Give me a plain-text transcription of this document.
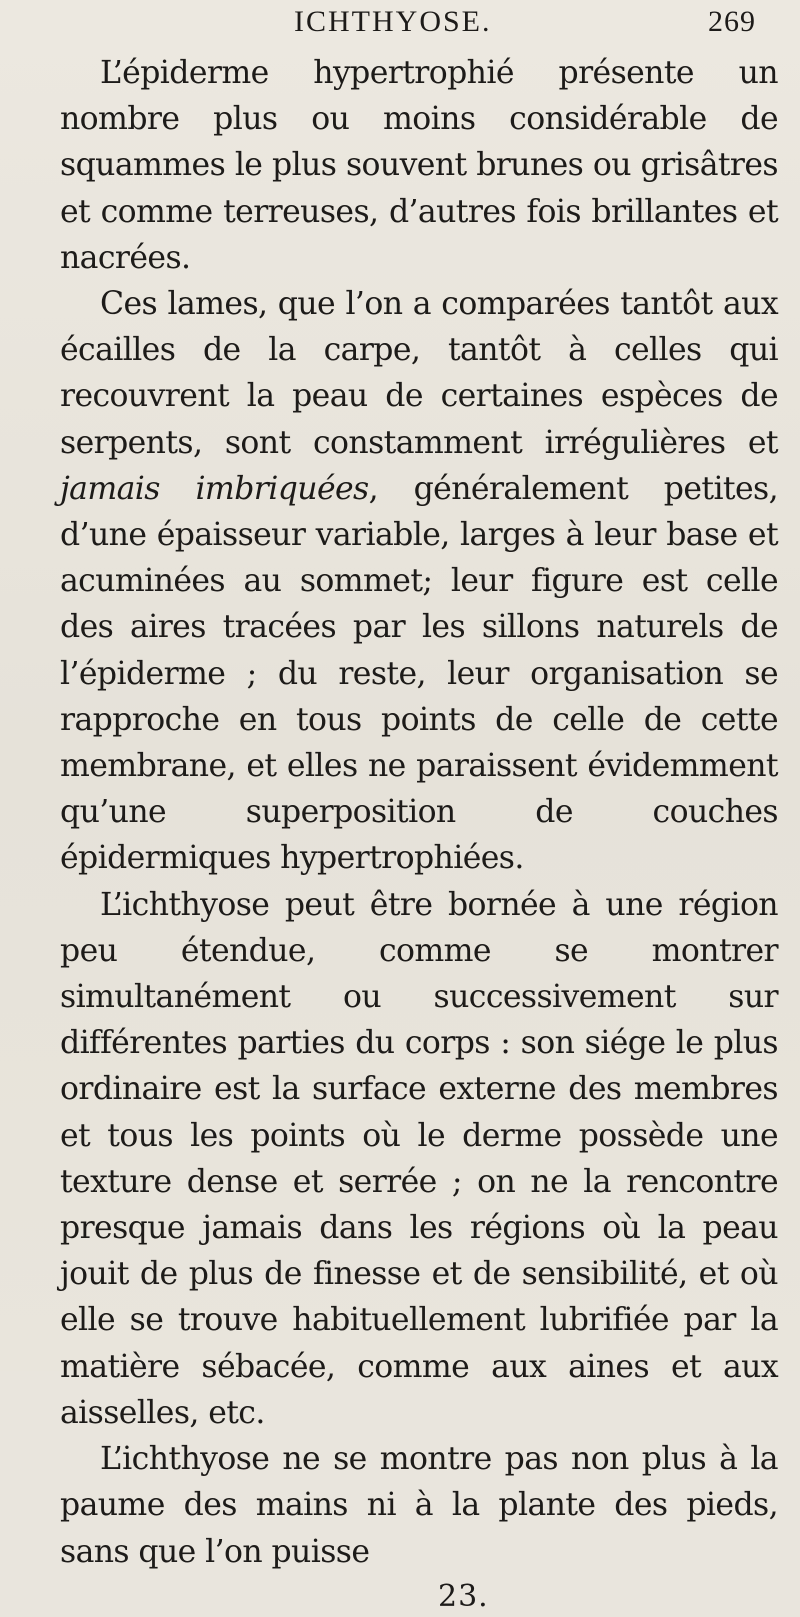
ICHTHYOSE.	269

L’épiderme hypertrophié présente un nombre plus ou moins considérable de squammes le plus souvent brunes ou grisâtres et comme terreuses, d’autres fois brillantes et nacrées.

Ces lames, que l’on a comparées tantôt aux écailles de la carpe, tantôt à celles qui recouvrent la peau de certaines espèces de serpents, sont constamment irrégulières et jamais imbriquées, généralement petites, d’une épaisseur variable, larges à leur base et acuminées au sommet; leur figure est celle des aires tracées par les sillons naturels de l’épiderme ; du reste, leur organisation se rapproche en tous points de celle de cette membrane, et elles ne paraissent évidemment qu’une superposition de couches épidermiques hypertrophiées.

L’ichthyose peut être bornée à une région peu étendue, comme se montrer simultanément ou successivement sur différentes parties du corps : son siége le plus ordinaire est la surface externe des membres et tous les points où le derme possède une texture dense et serrée ; on ne la rencontre presque jamais dans les régions où la peau jouit de plus de finesse et de sensibilité, et où elle se trouve habituellement lubrifiée par la matière sébacée, comme aux aines et aux aisselles, etc.

L’ichthyose ne se montre pas non plus à la paume des mains ni à la plante des pieds, sans que l’on puisse

23.
